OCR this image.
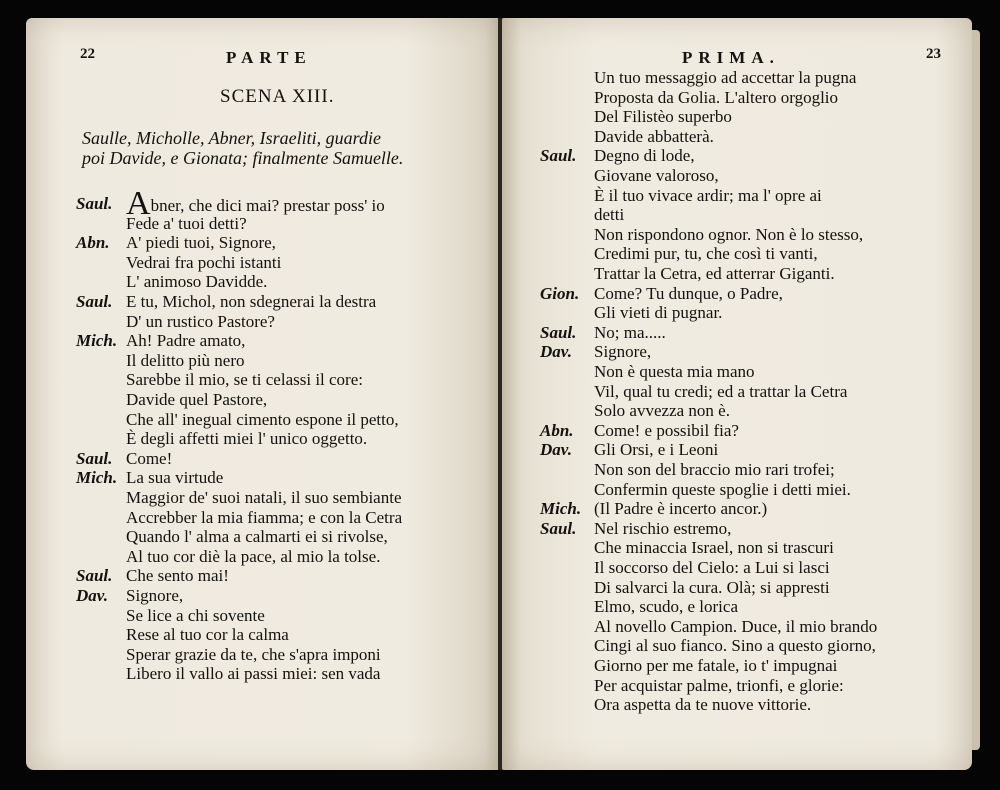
22	PARTE
SCENA XIII.
Saulle, Micholle, Abner, Israeliti, guardie
poi Davide, e Gionata; finalmente Samuelle.
Saul. Abner, che dici mai? prestar poss' io
Fede a' tuoi detti?
Abn. A' piedi tuoi, Signore,
Vedrai fra pochi istanti
L' animoso Davidde.
Saul. E tu, Michol, non sdegnerai la destra
D' un rustico Pastore?
Mich. Ah! Padre amato,
Il delitto più nero
Sarebbe il mio, se ti celassi il core:
Davide quel Pastore,
Che all' inegual cimento espone il petto,
È degli affetti miei l' unico oggetto.
Saul. Come!
Mich. La sua virtude
Maggior de' suoi natali, il suo sembiante
Accrebber la mia fiamma; e con la Cetra
Quando l' alma a calmarti ei si rivolse,
Al tuo cor diè la pace, al mio la tolse.
Saul. Che sento mai!
Dav. Signore,
Se lice a chi sovente
Rese al tuo cor la calma
Sperar grazie da te, che s'apra imponi
Libero il vallo ai passi miei: sen vada
PRIMA.	23
Un tuo messaggio ad accettar la pugna
Proposta da Golia. L'altero orgoglio
Del Filistèo superbo
Davide abbatterà.
Saul. Degno di lode,
Giovane valoroso,
È il tuo vivace ardir; ma l' opre ai
detti
Non rispondono ognor. Non è lo stesso,
Credimi pur, tu, che così ti vanti,
Trattar la Cetra, ed atterrar Giganti.
Gion. Come? Tu dunque, o Padre,
Gli vieti di pugnar.
Saul. No; ma.....
Dav. Signore,
Non è questa mia mano
Vil, qual tu credi; ed a trattar la Cetra
Solo avvezza non è.
Abn. Come! e possibil fia?
Dav. Gli Orsi, e i Leoni
Non son del braccio mio rari trofei;
Confermin queste spoglie i detti miei.
Mich. (Il Padre è incerto ancor.)
Saul. Nel rischio estremo,
Che minaccia Israel, non si trascuri
Il soccorso del Cielo: a Lui si lasci
Di salvarci la cura. Olà; si appresti
Elmo, scudo, e lorica
Al novello Campion. Duce, il mio brando
Cingi al suo fianco. Sino a questo giorno,
Giorno per me fatale, io t' impugnai
Per acquistar palme, trionfi, e glorie:
Ora aspetta da te nuove vittorie.
